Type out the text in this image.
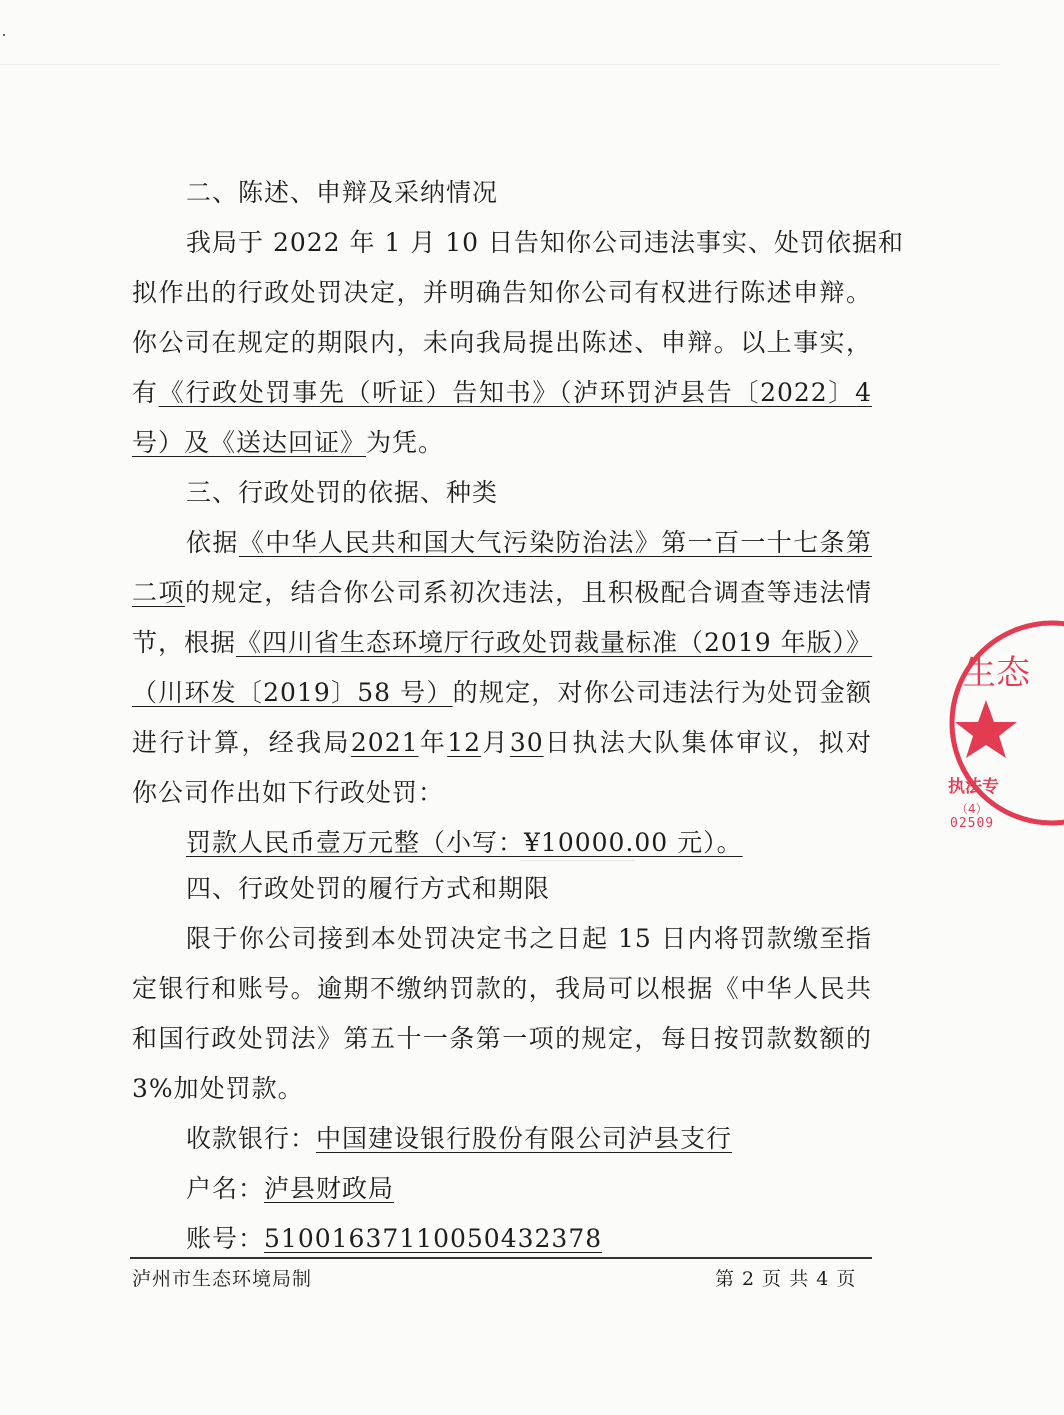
二、陈述、申辩及采纳情况
我局于 2022 年 1 月 10 日告知你公司违法事实、处罚依据和
拟作出的行政处罚决定，并明确告知你公司有权进行陈述申辩。
你公司在规定的期限内，未向我局提出陈述、申辩。以上事实，
有《行政处罚事先（听证）告知书》（泸环罚泸县告〔2022〕4
号）及《送达回证》为凭。
三、行政处罚的依据、种类
依据《中华人民共和国大气污染防治法》第一百一十七条第
二项的规定，结合你公司系初次违法，且积极配合调查等违法情
节，根据《四川省生态环境厅行政处罚裁量标准（2019 年版）》
（川环发〔2019〕58 号）的规定，对你公司违法行为处罚金额
进行计算，经我局2021年12月30日执法大队集体审议，拟对
你公司作出如下行政处罚：
罚款人民币壹万元整（小写：¥10000.00 元）。
四、行政处罚的履行方式和期限
限于你公司接到本处罚决定书之日起 15 日内将罚款缴至指
定银行和账号。逾期不缴纳罚款的，我局可以根据《中华人民共
和国行政处罚法》第五十一条第一项的规定，每日按罚款数额的
3%加处罚款。
收款银行：中国建设银行股份有限公司泸县支行
户名：泸县财政局
账号：51001637110050432378
泸州市生态环境局制	第 2 页 共 4 页
生态
执法专
（4）
02509
